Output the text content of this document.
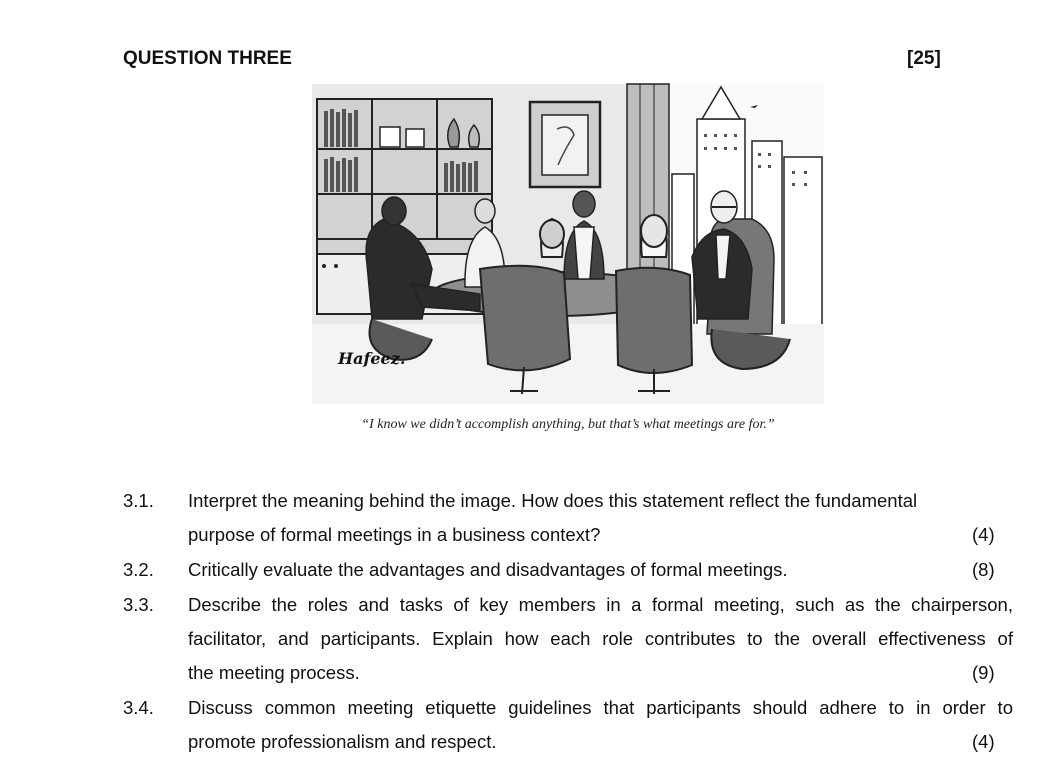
QUESTION THREE	[25]
Hafeez.
“I know we didn’t accomplish anything, but that’s what meetings are for.”
3.1. Interpret the meaning behind the image. How does this statement reflect the fundamental
purpose of formal meetings in a business context?	(4)
3.2. Critically evaluate the advantages and disadvantages of formal meetings.	(8)
3.3. Describe the roles and tasks of key members in a formal meeting, such as the chairperson,
facilitator, and participants. Explain how each role contributes to the overall effectiveness of
the meeting process.	(9)
3.4. Discuss common meeting etiquette guidelines that participants should adhere to in order to
promote professionalism and respect.	(4)
